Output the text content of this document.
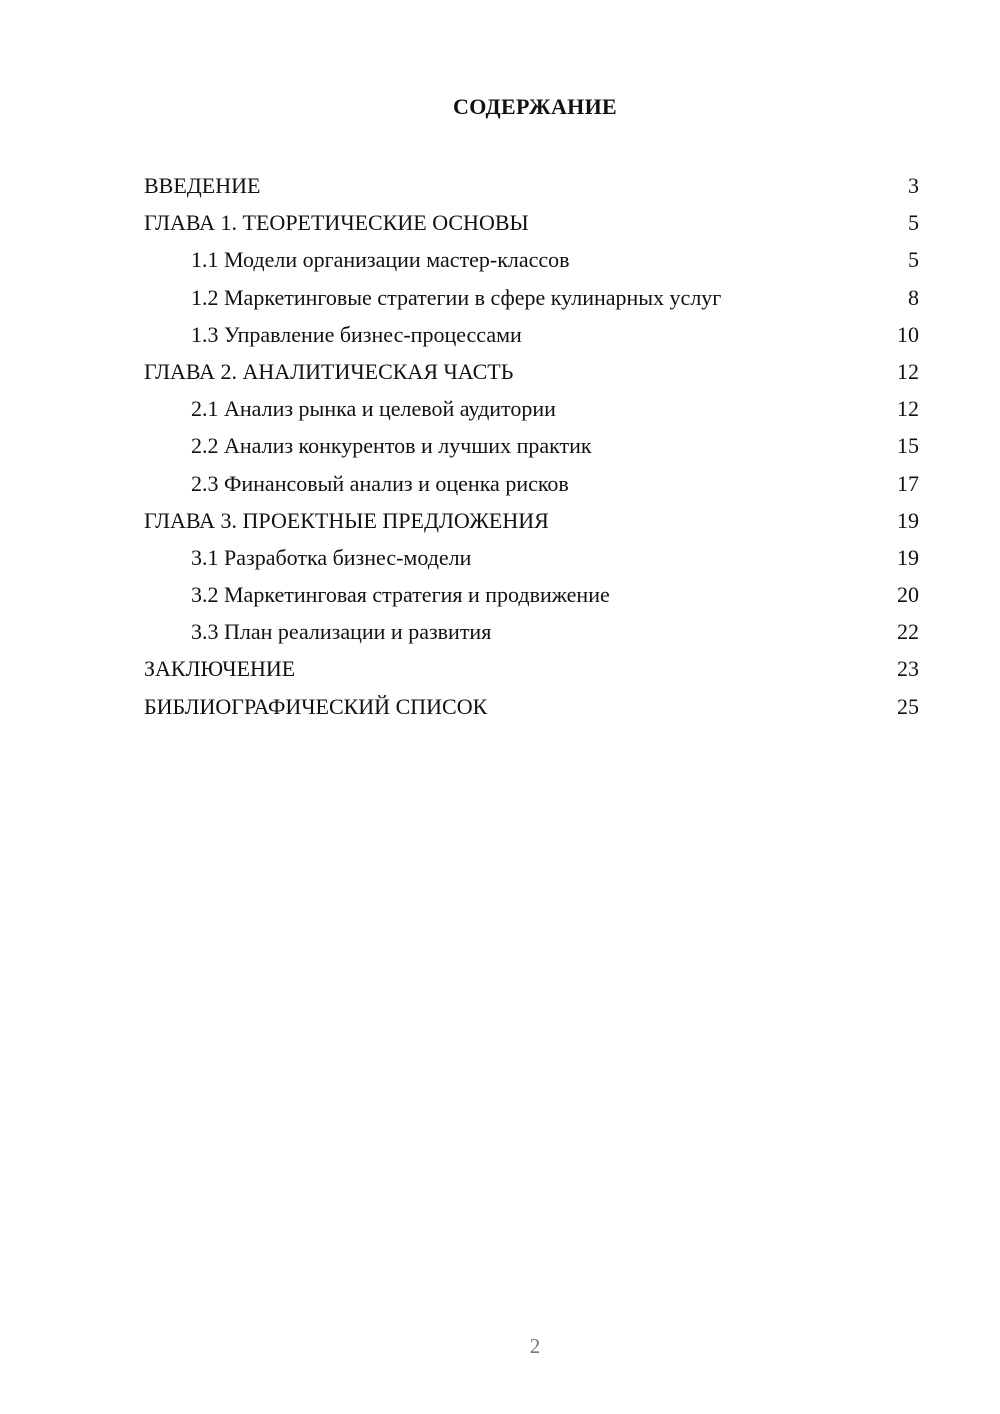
СОДЕРЖАНИЕ
ВВЕДЕНИЕ	3
ГЛАВА 1. ТЕОРЕТИЧЕСКИЕ ОСНОВЫ	5
1.1 Модели организации мастер-классов	5
1.2 Маркетинговые стратегии в сфере кулинарных услуг	8
1.3 Управление бизнес-процессами	10
ГЛАВА 2. АНАЛИТИЧЕСКАЯ ЧАСТЬ	12
2.1 Анализ рынка и целевой аудитории	12
2.2 Анализ конкурентов и лучших практик	15
2.3 Финансовый анализ и оценка рисков	17
ГЛАВА 3. ПРОЕКТНЫЕ ПРЕДЛОЖЕНИЯ	19
3.1 Разработка бизнес-модели	19
3.2 Маркетинговая стратегия и продвижение	20
3.3 План реализации и развития	22
ЗАКЛЮЧЕНИЕ	23
БИБЛИОГРАФИЧЕСКИЙ СПИСОК	25
2
